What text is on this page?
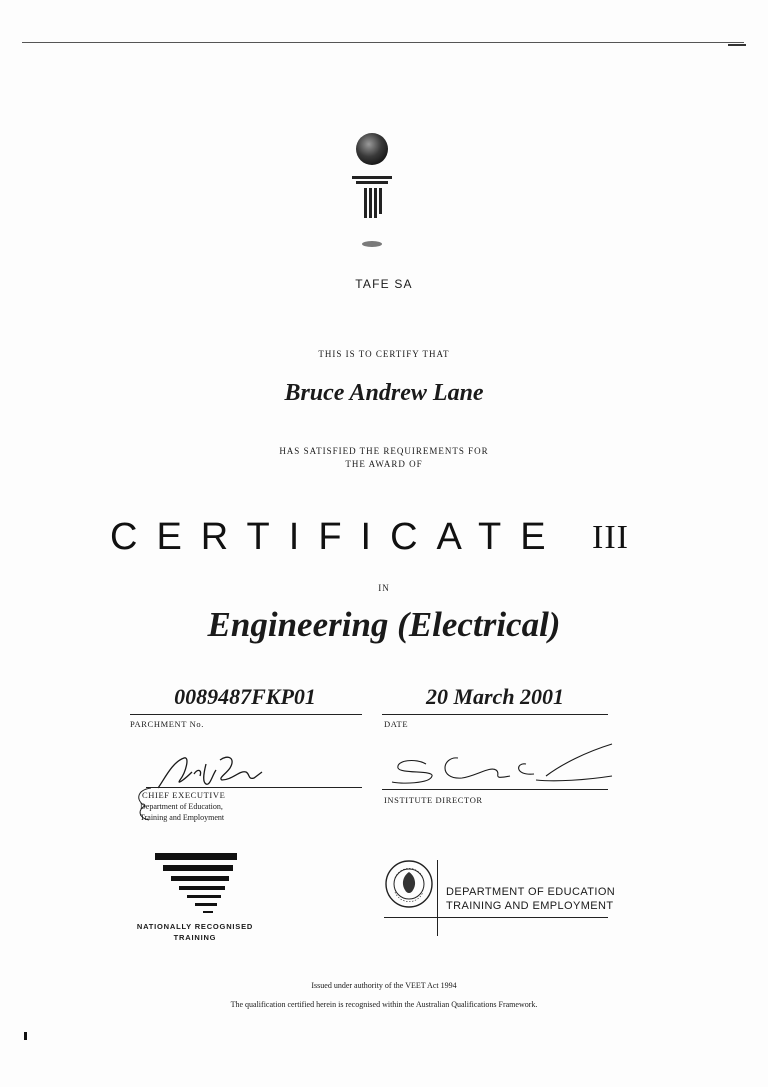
TAFE SA
THIS IS TO CERTIFY THAT
Bruce Andrew Lane
HAS SATISFIED THE REQUIREMENTS FOR
THE AWARD OF
CERTIFICATE III
IN
Engineering (Electrical)
0089487FKP01
PARCHMENT No.
20 March 2001
DATE
CHIEF EXECUTIVE
Department of Education,
Training and Employment
INSTITUTE DIRECTOR
NATIONALLY RECOGNISED
TRAINING
DEPARTMENT OF EDUCATION
TRAINING AND EMPLOYMENT
Issued under authority of the VEET Act 1994
The qualification certified herein is recognised within the Australian Qualifications Framework.
